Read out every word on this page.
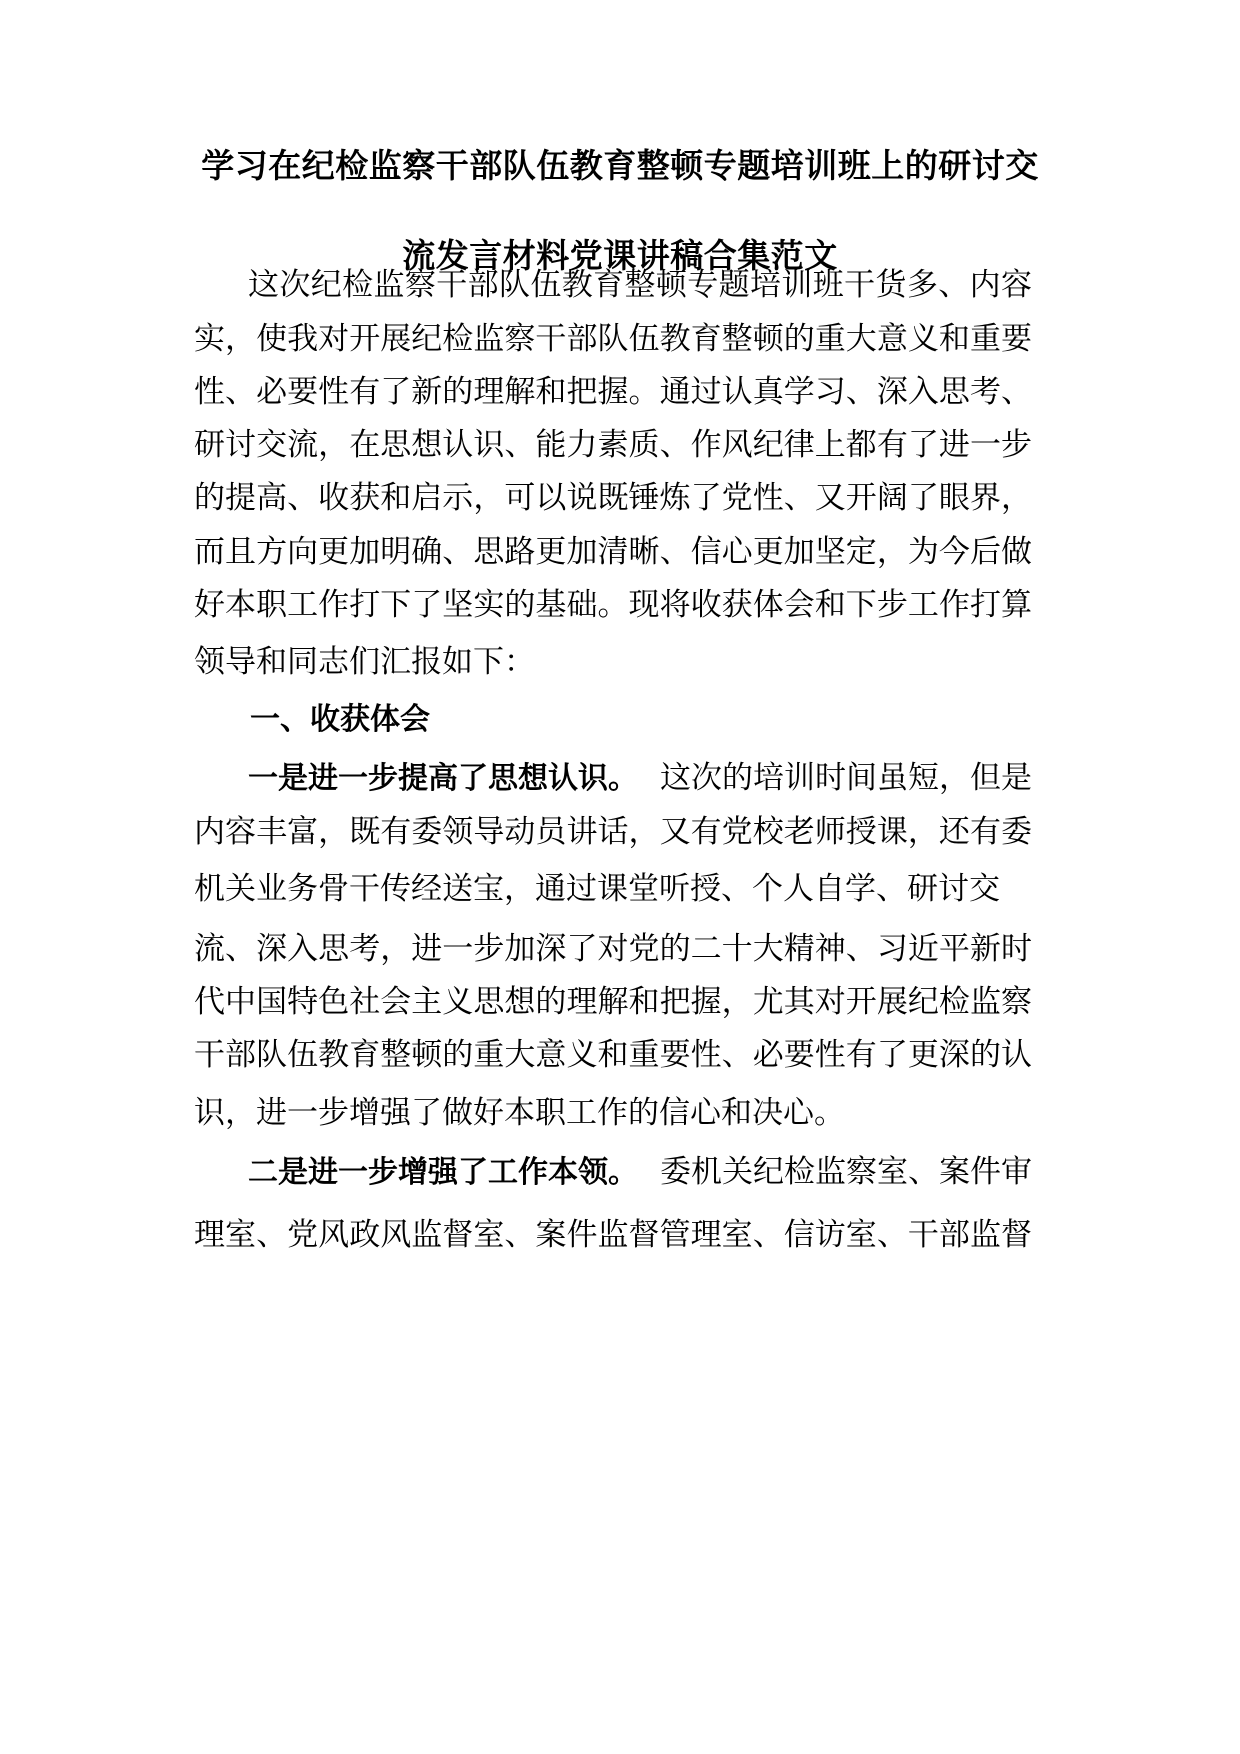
学习在纪检监察干部队伍教育整顿专题培训班上的研讨交
流发言材料党课讲稿合集范文
这次纪检监察干部队伍教育整顿专题培训班干货多、内容
实，使我对开展纪检监察干部队伍教育整顿的重大意义和重要
性、必要性有了新的理解和把握。通过认真学习、深入思考、
研讨交流，在思想认识、能力素质、作风纪律上都有了进一步
的提高、收获和启示，可以说既锤炼了党性、又开阔了眼界，
而且方向更加明确、思路更加清晰、信心更加坚定，为今后做
好本职工作打下了坚实的基础。现将收获体会和下步工作打算
领导和同志们汇报如下：
一、收获体会
一是进一步提高了思想认识。 这次的培训时间虽短，但是
内容丰富，既有委领导动员讲话，又有党校老师授课，还有委
机关业务骨干传经送宝，通过课堂听授、个人自学、研讨交
流、深入思考，进一步加深了对党的二十大精神、习近平新时
代中国特色社会主义思想的理解和把握，尤其对开展纪检监察
干部队伍教育整顿的重大意义和重要性、必要性有了更深的认
识，进一步增强了做好本职工作的信心和决心。
二是进一步增强了工作本领。 委机关纪检监察室、案件审
理室、党风政风监督室、案件监督管理室、信访室、干部监督
